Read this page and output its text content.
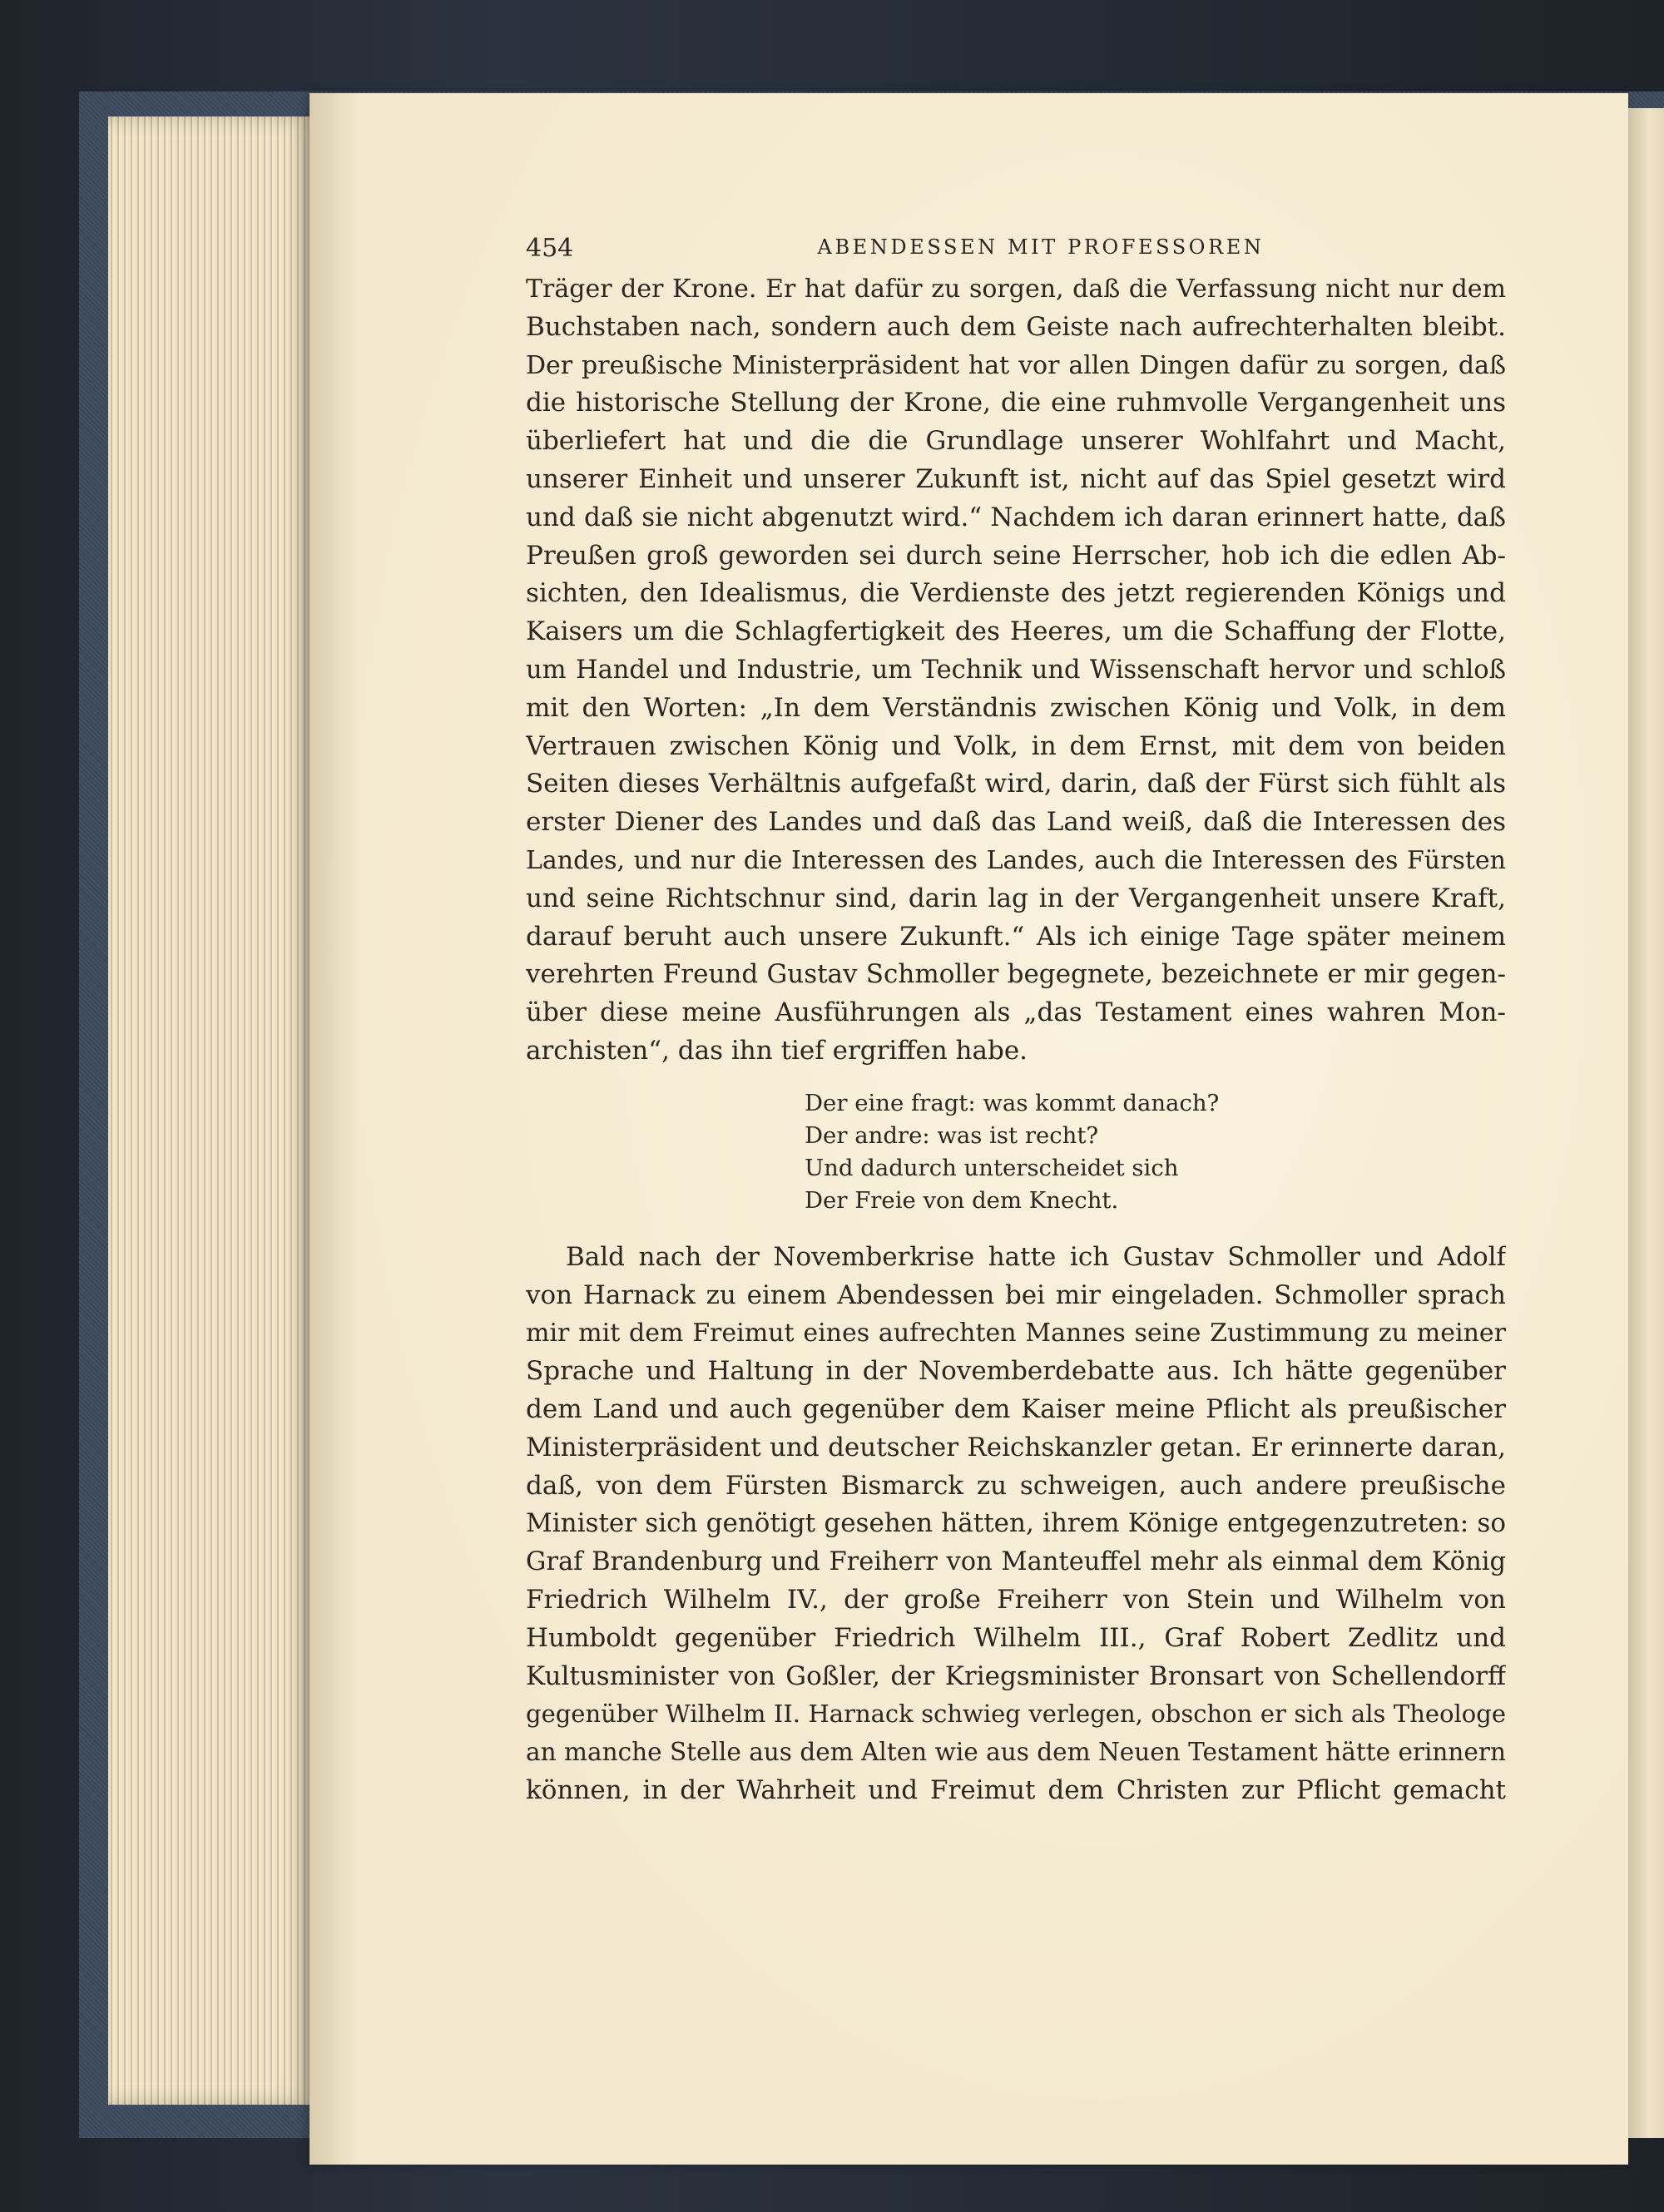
454	ABENDESSEN MIT PROFESSOREN
Träger der Krone. Er hat dafür zu sorgen, daß die Verfassung nicht nur dem
Buchstaben nach, sondern auch dem Geiste nach aufrechterhalten bleibt.
Der preußische Ministerpräsident hat vor allen Dingen dafür zu sorgen, daß
die historische Stellung der Krone, die eine ruhmvolle Vergangenheit uns
überliefert hat und die die Grundlage unserer Wohlfahrt und Macht,
unserer Einheit und unserer Zukunft ist, nicht auf das Spiel gesetzt wird
und daß sie nicht abgenutzt wird.“ Nachdem ich daran erinnert hatte, daß
Preußen groß geworden sei durch seine Herrscher, hob ich die edlen Ab-
sichten, den Idealismus, die Verdienste des jetzt regierenden Königs und
Kaisers um die Schlagfertigkeit des Heeres, um die Schaffung der Flotte,
um Handel und Industrie, um Technik und Wissenschaft hervor und schloß
mit den Worten: „In dem Verständnis zwischen König und Volk, in dem
Vertrauen zwischen König und Volk, in dem Ernst, mit dem von beiden
Seiten dieses Verhältnis aufgefaßt wird, darin, daß der Fürst sich fühlt als
erster Diener des Landes und daß das Land weiß, daß die Interessen des
Landes, und nur die Interessen des Landes, auch die Interessen des Fürsten
und seine Richtschnur sind, darin lag in der Vergangenheit unsere Kraft,
darauf beruht auch unsere Zukunft.“ Als ich einige Tage später meinem
verehrten Freund Gustav Schmoller begegnete, bezeichnete er mir gegen-
über diese meine Ausführungen als „das Testament eines wahren Mon-
archisten“, das ihn tief ergriffen habe.
Der eine fragt: was kommt danach?
Der andre: was ist recht?
Und dadurch unterscheidet sich
Der Freie von dem Knecht.
Bald nach der Novemberkrise hatte ich Gustav Schmoller und Adolf
von Harnack zu einem Abendessen bei mir eingeladen. Schmoller sprach
mir mit dem Freimut eines aufrechten Mannes seine Zustimmung zu meiner
Sprache und Haltung in der Novemberdebatte aus. Ich hätte gegenüber
dem Land und auch gegenüber dem Kaiser meine Pflicht als preußischer
Ministerpräsident und deutscher Reichskanzler getan. Er erinnerte daran,
daß, von dem Fürsten Bismarck zu schweigen, auch andere preußische
Minister sich genötigt gesehen hätten, ihrem Könige entgegenzutreten: so
Graf Brandenburg und Freiherr von Manteuffel mehr als einmal dem König
Friedrich Wilhelm IV., der große Freiherr von Stein und Wilhelm von
Humboldt gegenüber Friedrich Wilhelm III., Graf Robert Zedlitz und
Kultusminister von Goßler, der Kriegsminister Bronsart von Schellendorff
gegenüber Wilhelm II. Harnack schwieg verlegen, obschon er sich als Theologe
an manche Stelle aus dem Alten wie aus dem Neuen Testament hätte erinnern
können, in der Wahrheit und Freimut dem Christen zur Pflicht gemacht
